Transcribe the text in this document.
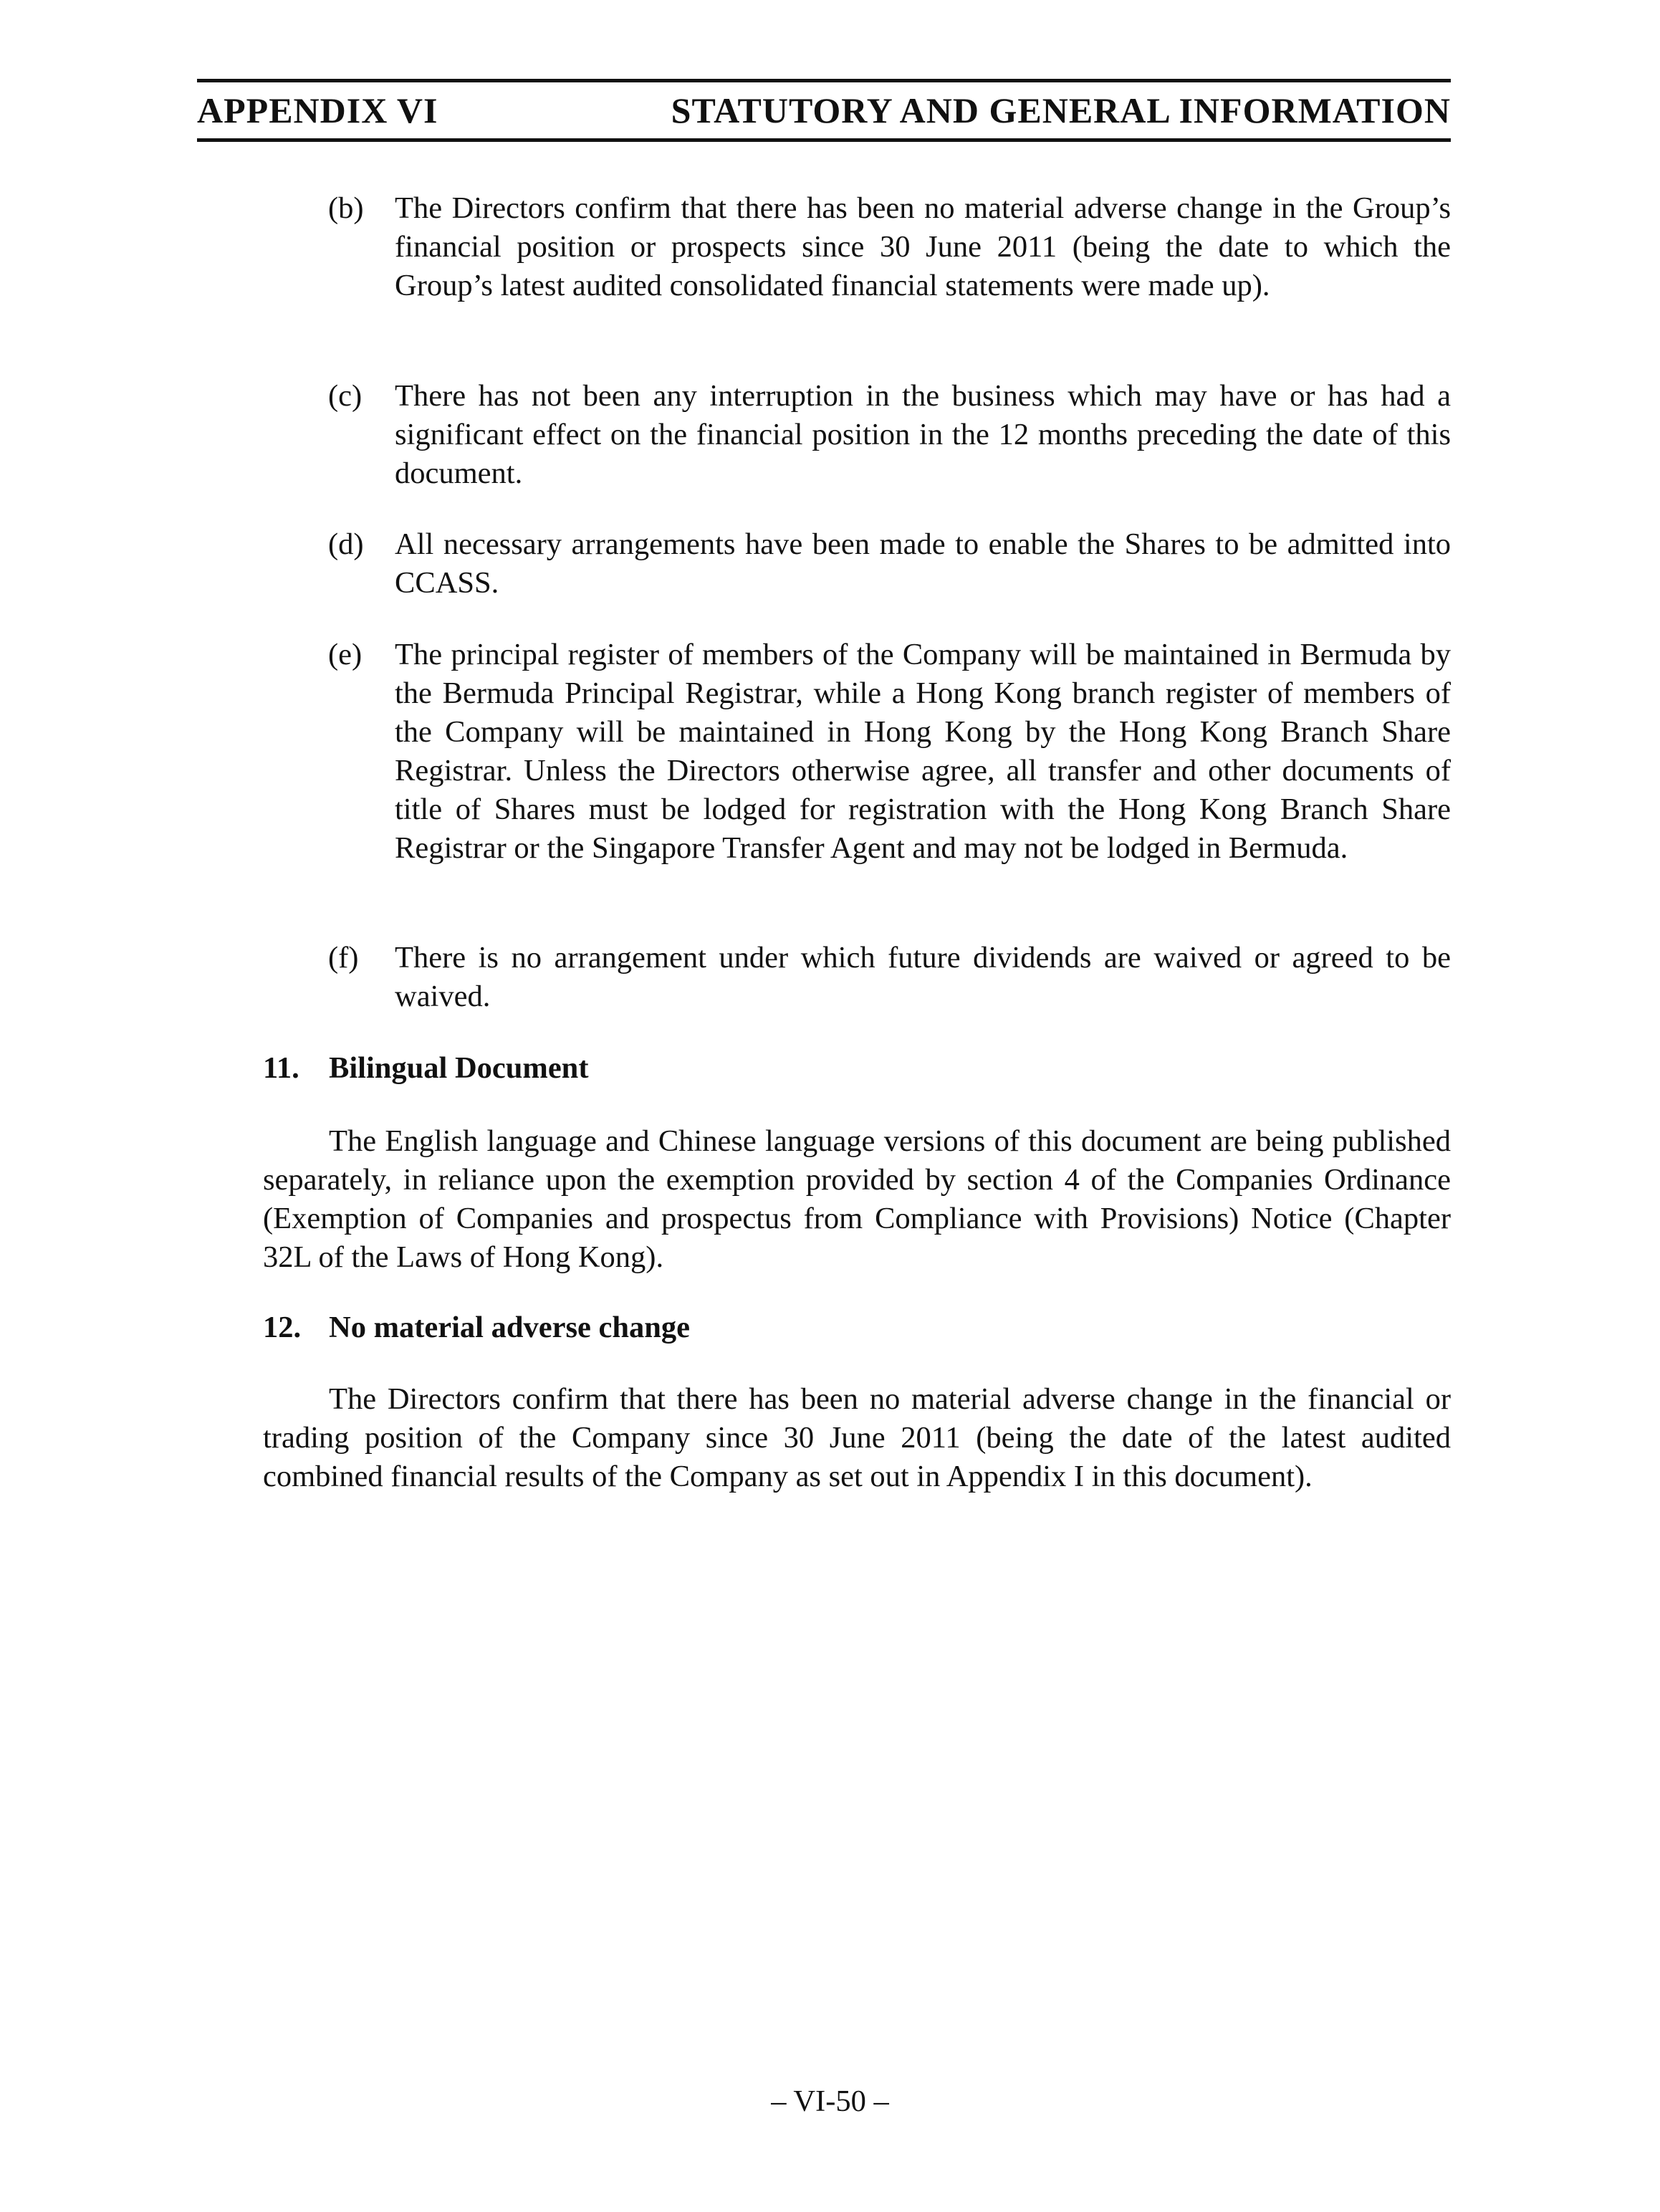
APPENDIX VI	STATUTORY AND GENERAL INFORMATION
(b) The Directors confirm that there has been no material adverse change in the Group’s financial position or prospects since 30 June 2011 (being the date to which the Group’s latest audited consolidated financial statements were made up).
(c) There has not been any interruption in the business which may have or has had a significant effect on the financial position in the 12 months preceding the date of this document.
(d) All necessary arrangements have been made to enable the Shares to be admitted into CCASS.
(e) The principal register of members of the Company will be maintained in Bermuda by the Bermuda Principal Registrar, while a Hong Kong branch register of members of the Company will be maintained in Hong Kong by the Hong Kong Branch Share Registrar. Unless the Directors otherwise agree, all transfer and other documents of title of Shares must be lodged for registration with the Hong Kong Branch Share Registrar or the Singapore Transfer Agent and may not be lodged in Bermuda.
(f) There is no arrangement under which future dividends are waived or agreed to be waived.
11. Bilingual Document
The English language and Chinese language versions of this document are being published separately, in reliance upon the exemption provided by section 4 of the Companies Ordinance (Exemption of Companies and prospectus from Compliance with Provisions) Notice (Chapter 32L of the Laws of Hong Kong).
12. No material adverse change
The Directors confirm that there has been no material adverse change in the financial or trading position of the Company since 30 June 2011 (being the date of the latest audited combined financial results of the Company as set out in Appendix I in this document).
– VI-50 –
